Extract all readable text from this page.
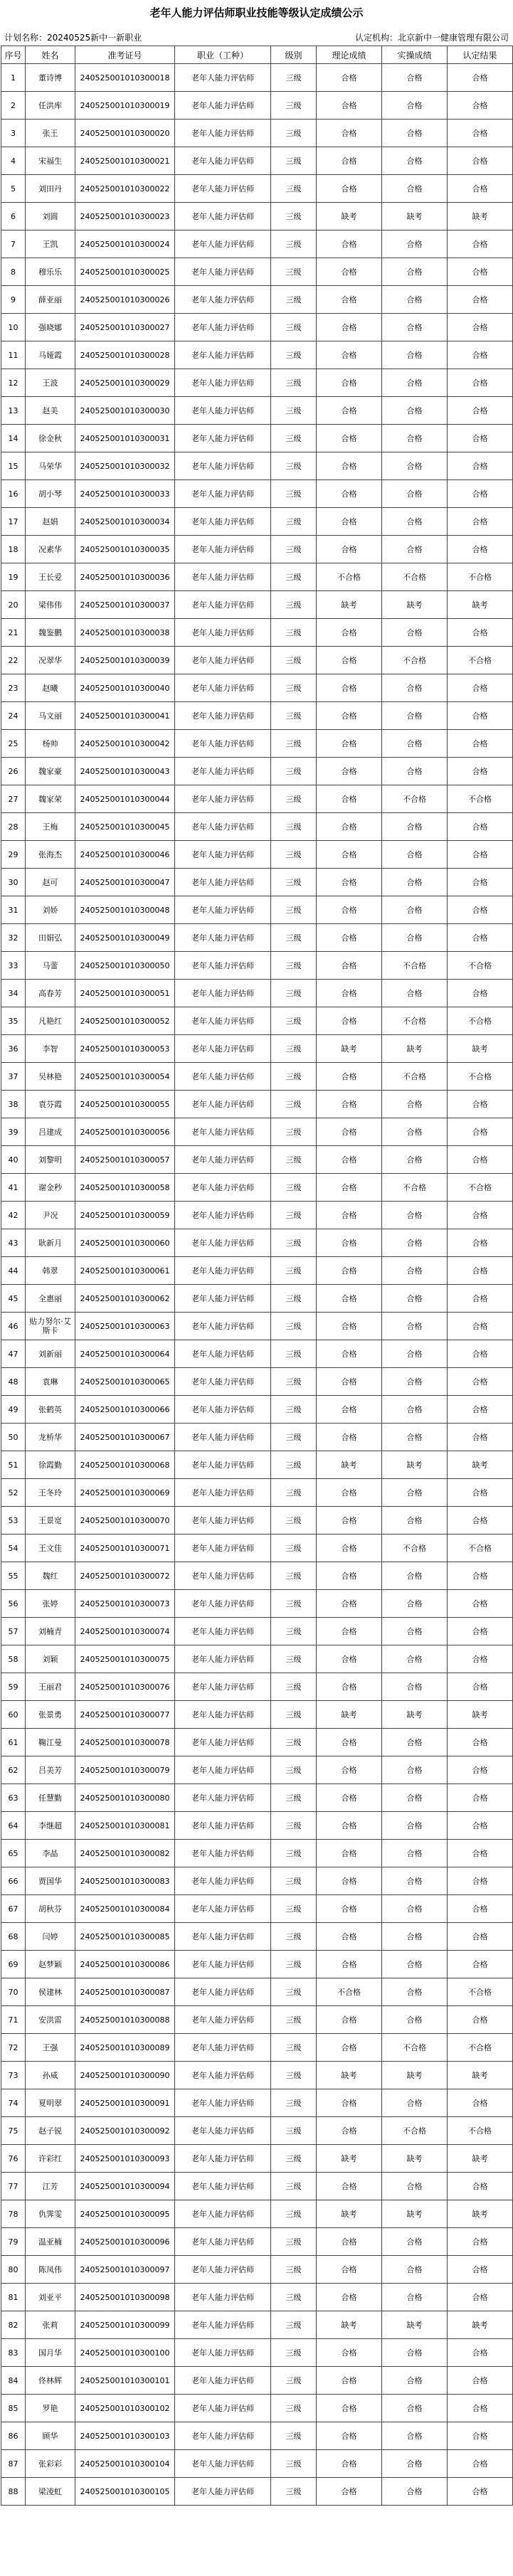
老年人能力评估师职业技能等级认定成绩公示
计划名称：20240525新中一新职业	认定机构：北京新中一健康管理有限公司
序号	姓名	准考证号	职业（工种）	级别	理论成绩	实操成绩	认定结果
1	董诗博	240525001010300018	老年人能力评估师	三级	合格	合格	合格
2	任洪库	240525001010300019	老年人能力评估师	三级	合格	合格	合格
3	张王	240525001010300020	老年人能力评估师	三级	合格	合格	合格
4	宋福生	240525001010300021	老年人能力评估师	三级	合格	合格	合格
5	刘田丹	240525001010300022	老年人能力评估师	三级	合格	合格	合格
6	刘圆	240525001010300023	老年人能力评估师	三级	缺考	缺考	缺考
7	王凯	240525001010300024	老年人能力评估师	三级	合格	合格	合格
8	穆乐乐	240525001010300025	老年人能力评估师	三级	合格	合格	合格
9	薛亚丽	240525001010300026	老年人能力评估师	三级	合格	合格	合格
10	强晓娜	240525001010300027	老年人能力评估师	三级	合格	合格	合格
11	马娅霞	240525001010300028	老年人能力评估师	三级	合格	合格	合格
12	王波	240525001010300029	老年人能力评估师	三级	合格	合格	合格
13	赵美	240525001010300030	老年人能力评估师	三级	合格	合格	合格
14	徐金秋	240525001010300031	老年人能力评估师	三级	合格	合格	合格
15	马荣华	240525001010300032	老年人能力评估师	三级	合格	合格	合格
16	胡小琴	240525001010300033	老年人能力评估师	三级	合格	合格	合格
17	赵娟	240525001010300034	老年人能力评估师	三级	合格	合格	合格
18	况素华	240525001010300035	老年人能力评估师	三级	合格	合格	合格
19	王长爱	240525001010300036	老年人能力评估师	三级	不合格	不合格	不合格
20	梁伟伟	240525001010300037	老年人能力评估师	三级	缺考	缺考	缺考
21	魏鉴鹏	240525001010300038	老年人能力评估师	三级	合格	合格	合格
22	况翠华	240525001010300039	老年人能力评估师	三级	合格	不合格	不合格
23	赵曦	240525001010300040	老年人能力评估师	三级	合格	合格	合格
24	马文丽	240525001010300041	老年人能力评估师	三级	合格	合格	合格
25	杨帅	240525001010300042	老年人能力评估师	三级	合格	合格	合格
26	魏家豪	240525001010300043	老年人能力评估师	三级	合格	合格	合格
27	魏家荣	240525001010300044	老年人能力评估师	三级	合格	不合格	不合格
28	王梅	240525001010300045	老年人能力评估师	三级	合格	合格	合格
29	张海杰	240525001010300046	老年人能力评估师	三级	合格	合格	合格
30	赵可	240525001010300047	老年人能力评估师	三级	合格	合格	合格
31	刘娇	240525001010300048	老年人能力评估师	三级	合格	合格	合格
32	田娟弘	240525001010300049	老年人能力评估师	三级	合格	合格	合格
33	马蕾	240525001010300050	老年人能力评估师	三级	合格	不合格	不合格
34	高春芳	240525001010300051	老年人能力评估师	三级	合格	合格	合格
35	凡艳红	240525001010300052	老年人能力评估师	三级	合格	不合格	不合格
36	李智	240525001010300053	老年人能力评估师	三级	缺考	缺考	缺考
37	吴林艳	240525001010300054	老年人能力评估师	三级	合格	不合格	不合格
38	袁芬霞	240525001010300055	老年人能力评估师	三级	合格	合格	合格
39	吕建成	240525001010300056	老年人能力评估师	三级	合格	合格	合格
40	刘黎明	240525001010300057	老年人能力评估师	三级	合格	合格	合格
41	谢金秒	240525001010300058	老年人能力评估师	三级	合格	不合格	不合格
42	尹况	240525001010300059	老年人能力评估师	三级	合格	合格	合格
43	耿新月	240525001010300060	老年人能力评估师	三级	合格	合格	合格
44	韩翠	240525001010300061	老年人能力评估师	三级	合格	合格	合格
45	全惠丽	240525001010300062	老年人能力评估师	三级	合格	合格	合格
46	贴力努尔·艾斯卡	240525001010300063	老年人能力评估师	三级	合格	合格	合格
47	刘新丽	240525001010300064	老年人能力评估师	三级	合格	合格	合格
48	袁琳	240525001010300065	老年人能力评估师	三级	合格	合格	合格
49	张鹤英	240525001010300066	老年人能力评估师	三级	合格	合格	合格
50	龙桥华	240525001010300067	老年人能力评估师	三级	合格	合格	合格
51	徐霞勤	240525001010300068	老年人能力评估师	三级	缺考	缺考	缺考
52	王冬玲	240525001010300069	老年人能力评估师	三级	合格	合格	合格
53	王景宽	240525001010300070	老年人能力评估师	三级	合格	合格	合格
54	王文佳	240525001010300071	老年人能力评估师	三级	合格	不合格	不合格
55	魏红	240525001010300072	老年人能力评估师	三级	合格	合格	合格
56	张婷	240525001010300073	老年人能力评估师	三级	合格	合格	合格
57	刘楠青	240525001010300074	老年人能力评估师	三级	合格	合格	合格
58	刘颖	240525001010300075	老年人能力评估师	三级	合格	合格	合格
59	王丽君	240525001010300076	老年人能力评估师	三级	合格	合格	合格
60	张景勇	240525001010300077	老年人能力评估师	三级	缺考	缺考	缺考
61	鞠江曼	240525001010300078	老年人能力评估师	三级	合格	合格	合格
62	吕美芳	240525001010300079	老年人能力评估师	三级	合格	合格	合格
63	任慧勤	240525001010300080	老年人能力评估师	三级	合格	合格	合格
64	李继超	240525001010300081	老年人能力评估师	三级	合格	合格	合格
65	李晶	240525001010300082	老年人能力评估师	三级	合格	合格	合格
66	贾国华	240525001010300083	老年人能力评估师	三级	合格	合格	合格
67	胡秋芬	240525001010300084	老年人能力评估师	三级	合格	合格	合格
68	闫婷	240525001010300085	老年人能力评估师	三级	合格	合格	合格
69	赵梦颖	240525001010300086	老年人能力评估师	三级	合格	合格	合格
70	侯建林	240525001010300087	老年人能力评估师	三级	不合格	合格	不合格
71	安洪雷	240525001010300088	老年人能力评估师	三级	合格	合格	合格
72	王强	240525001010300089	老年人能力评估师	三级	合格	不合格	不合格
73	孙威	240525001010300090	老年人能力评估师	三级	缺考	缺考	缺考
74	夏明翠	240525001010300091	老年人能力评估师	三级	合格	合格	合格
75	赵子锐	240525001010300092	老年人能力评估师	三级	合格	不合格	不合格
76	许彩红	240525001010300093	老年人能力评估师	三级	缺考	缺考	缺考
77	江芳	240525001010300094	老年人能力评估师	三级	合格	合格	合格
78	仇霁雯	240525001010300095	老年人能力评估师	三级	缺考	缺考	缺考
79	温亚楠	240525001010300096	老年人能力评估师	三级	合格	合格	合格
80	陈凤伟	240525001010300097	老年人能力评估师	三级	合格	合格	合格
81	刘亚平	240525001010300098	老年人能力评估师	三级	合格	合格	合格
82	张莉	240525001010300099	老年人能力评估师	三级	缺考	缺考	缺考
83	国月华	240525001010300100	老年人能力评估师	三级	合格	合格	合格
84	佟林辉	240525001010300101	老年人能力评估师	三级	合格	合格	合格
85	罗艳	240525001010300102	老年人能力评估师	三级	合格	合格	合格
86	顾华	240525001010300103	老年人能力评估师	三级	合格	合格	合格
87	张彩彩	240525001010300104	老年人能力评估师	三级	合格	合格	合格
88	梁凌虹	240525001010300105	老年人能力评估师	三级	合格	合格	合格
